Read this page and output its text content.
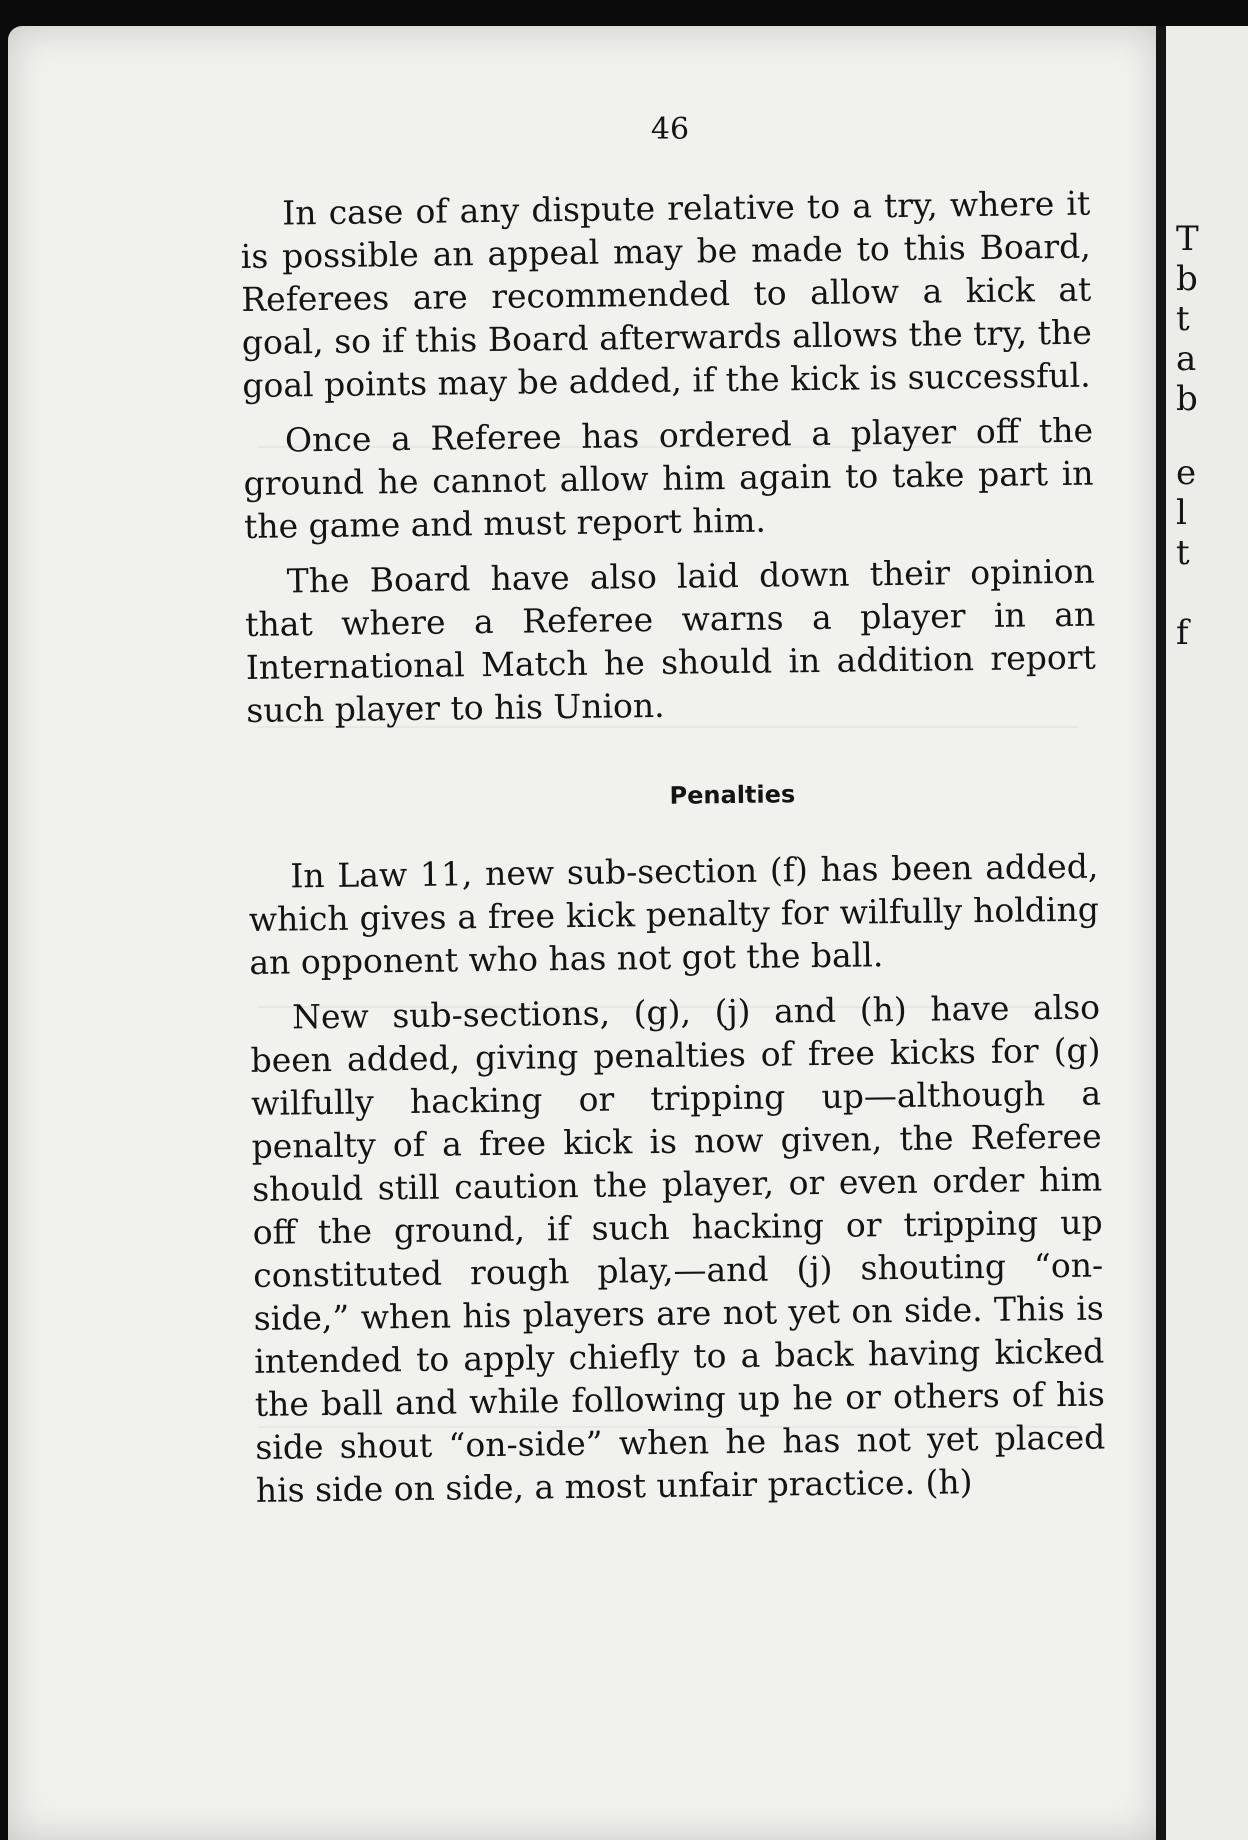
46

In case of any dispute relative to a try, where it is possible an appeal may be made to this Board, Referees are recommended to allow a kick at goal, so if this Board afterwards allows the try, the goal points may be added, if the kick is successful.

Once a Referee has ordered a player off the ground he cannot allow him again to take part in the game and must report him.

The Board have also laid down their opinion that where a Referee warns a player in an International Match he should in addition report such player to his Union.

Penalties

In Law 11, new sub-section (f) has been added, which gives a free kick penalty for wilfully holding an opponent who has not got the ball.

New sub-sections, (g), (j) and (h) have also been added, giving penalties of free kicks for (g) wilfully hacking or tripping up—although a penalty of a free kick is now given, the Referee should still caution the player, or even order him off the ground, if such hacking or tripping up constituted rough play,—and (j) shouting “on-side,” when his players are not yet on side. This is intended to apply chiefly to a back having kicked the ball and while following up he or others of his side shout “on-side” when he has not yet placed his side on side, a most unfair practice. (h)

T
b
t
a
b
e
l
t
f
